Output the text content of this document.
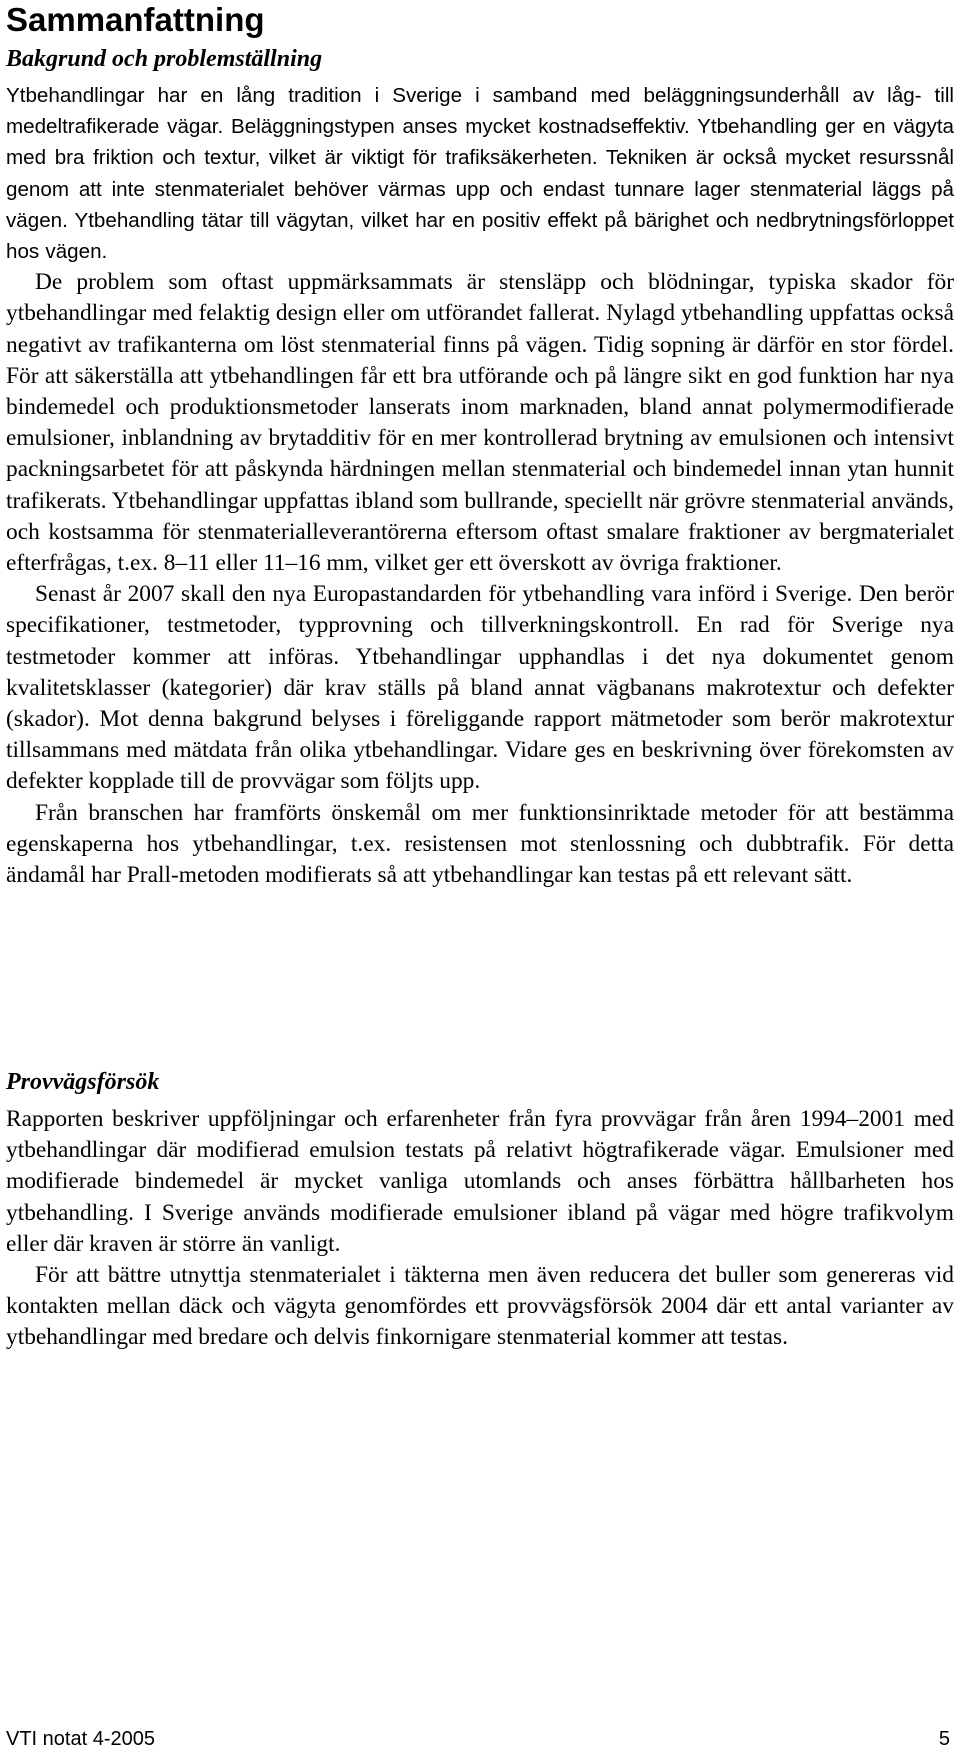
Sammanfattning
Bakgrund och problemställning

Ytbehandlingar har en lång tradition i Sverige i samband med beläggningsunderhåll av låg- till medeltrafikerade vägar. Beläggningstypen anses mycket kostnadseffektiv. Ytbehandling ger en vägyta med bra friktion och textur, vilket är viktigt för trafiksäkerheten. Tekniken är också mycket resurssnål genom att inte stenmaterialet behöver värmas upp och endast tunnare lager stenmaterial läggs på vägen. Ytbehandling tätar till vägytan, vilket har en positiv effekt på bärighet och nedbrytningsförloppet hos vägen.

De problem som oftast uppmärksammats är stensläpp och blödningar, typiska skador för ytbehandlingar med felaktig design eller om utförandet fallerat. Nylagd ytbehandling uppfattas också negativt av trafikanterna om löst stenmaterial finns på vägen. Tidig sopning är därför en stor fördel. För att säkerställa att ytbehandlingen får ett bra utförande och på längre sikt en god funktion har nya bindemedel och produktionsmetoder lanserats inom marknaden, bland annat polymermodifierade emulsioner, inblandning av brytadditiv för en mer kontrollerad brytning av emulsionen och intensivt packningsarbetet för att påskynda härdningen mellan stenmaterial och bindemedel innan ytan hunnit trafikerats. Ytbehandlingar uppfattas ibland som bullrande, speciellt när grövre stenmaterial används, och kostsamma för stenmaterialleverantörerna eftersom oftast smalare fraktioner av bergmaterialet efterfrågas, t.ex. 8–11 eller 11–16 mm, vilket ger ett överskott av övriga fraktioner.

Senast år 2007 skall den nya Europastandarden för ytbehandling vara införd i Sverige. Den berör specifikationer, testmetoder, typprovning och tillverkningskontroll. En rad för Sverige nya testmetoder kommer att införas. Ytbehandlingar upphandlas i det nya dokumentet genom kvalitetsklasser (kategorier) där krav ställs på bland annat vägbanans makrotextur och defekter (skador). Mot denna bakgrund belyses i föreliggande rapport mätmetoder som berör makrotextur tillsammans med mätdata från olika ytbehandlingar. Vidare ges en beskrivning över förekomsten av defekter kopplade till de provvägar som följts upp.

Från branschen har framförts önskemål om mer funktionsinriktade metoder för att bestämma egenskaperna hos ytbehandlingar, t.ex. resistensen mot stenlossning och dubbtrafik. För detta ändamål har Prall-metoden modifierats så att ytbehandlingar kan testas på ett relevant sätt.

Provvägsförsök

Rapporten beskriver uppföljningar och erfarenheter från fyra provvägar från åren 1994–2001 med ytbehandlingar där modifierad emulsion testats på relativt högtrafikerade vägar. Emulsioner med modifierade bindemedel är mycket vanliga utomlands och anses förbättra hållbarheten hos ytbehandling. I Sverige används modifierade emulsioner ibland på vägar med högre trafikvolym eller där kraven är större än vanligt.

För att bättre utnyttja stenmaterialet i täkterna men även reducera det buller som genereras vid kontakten mellan däck och vägyta genomfördes ett provvägsförsök 2004 där ett antal varianter av ytbehandlingar med bredare och delvis finkornigare stenmaterial kommer att testas.

VTI notat 4-2005	5
